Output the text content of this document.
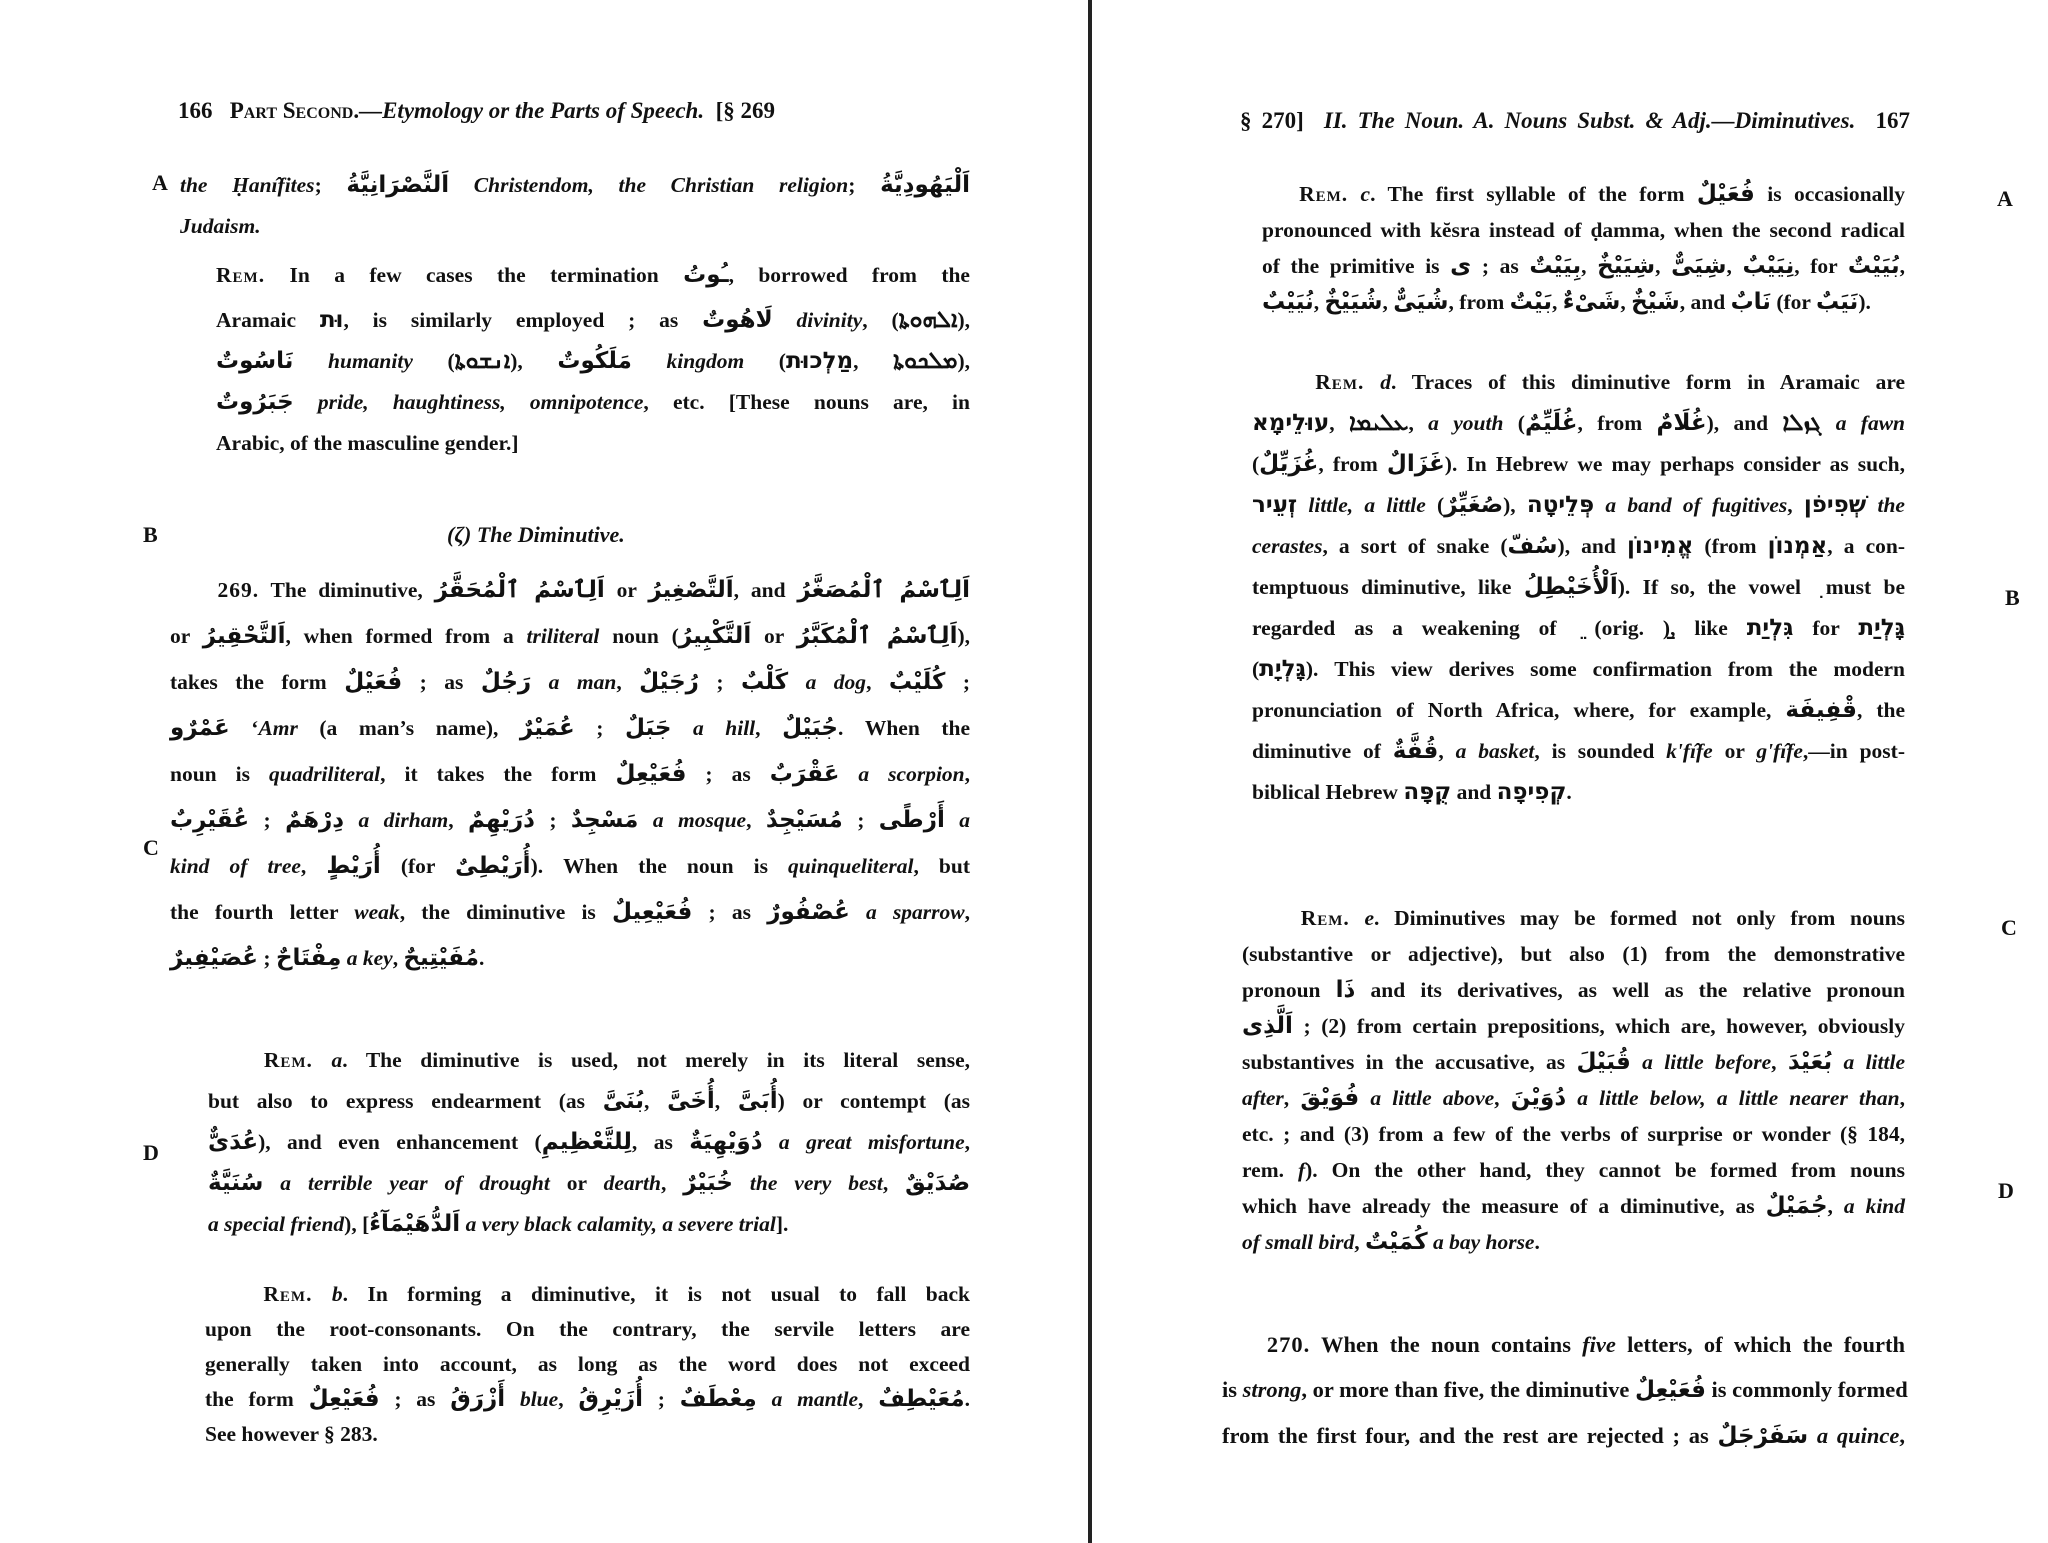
166 Part Second.—Etymology or the Parts of Speech. [§ 269
A the Ḥanı̂fites; اَلنَّصْرَانِيَّةُ Christendom, the Christian religion; اَلْيَهُودِيَّةُ
Judaism.
Rem. In a few cases the termination ـُوتُ, borrowed from the
Aramaic וּת, is similarly employed ; as لَاهُوتٌ divinity, (ܐܠܗܘܬܐ),
نَاسُوتٌ humanity (ܐܢܫܘܬܐ), مَلَكُوتٌ kingdom (מַלְכוּת, ܡܠܟܘܬܐ),
جَبَرُوتٌ pride, haughtiness, omnipotence, etc. [These nouns are, in
Arabic, of the masculine gender.]
B	(ζ) The Diminutive.
269. The diminutive, اَلِٱسْمُ ٱلْمُحَقَّرُ or اَلتَّصْغِيرُ, and اَلِٱسْمُ ٱلْمُصَغَّرُ
or اَلتَّحْقِيرُ, when formed from a triliteral noun (اَلتَّكْبِيرُ or اَلِٱسْمُ ٱلْمُكَبَّرُ),
takes the form فُعَيْلٌ ; as رَجُلٌ a man, رُجَيْلٌ ; كَلْبٌ a dog, كُلَيْبٌ ;
عَمْرٌو ‘Amr (a man’s name), عُمَيْرٌ ; جَبَلٌ a hill, جُبَيْلٌ. When the
noun is quadriliteral, it takes the form فُعَيْعِلٌ ; as عَقْرَبٌ a scorpion,
عُقَيْرِبٌ ; دِرْهَمٌ a dirham, دُرَيْهِمٌ ; مَسْجِدٌ a mosque, مُسَيْجِدٌ ; أَرْطًى a
kind of tree, أُرَيْطٍ (for أُرَيْطِىٌ). When the noun is quinqueliteral, but
the fourth letter weak, the diminutive is فُعَيْعِيلٌ ; as عُصْفُورٌ a sparrow,
عُصَيْفِيرٌ ; مِفْتَاحٌ a key, مُفَيْتِيحٌ.
C
Rem. a. The diminutive is used, not merely in its literal sense,
but also to express endearment (as بُنَىَّ, أُخَىَّ, أُبَىَّ) or contempt (as
عُدَىٌّ), and even enhancement (لِلتَّعْظِيمِ, as دُوَيْهِيَةٌ a great misfortune,
سُنَيَّةٌ a terrible year of drought or dearth, خُبَيْرٌ the very best, صُدَيْقٌ
a special friend), [اَلدُّهَيْمَآءُ a very black calamity, a severe trial].
D
Rem. b. In forming a diminutive, it is not usual to fall back
upon the root-consonants. On the contrary, the servile letters are
generally taken into account, as long as the word does not exceed
the form فُعَيْعِلٌ ; as أَزْرَقُ blue, أُزَيْرِقُ ; مِعْطَفٌ a mantle, مُعَيْطِفٌ.
See however § 283.
§ 270] II. The Noun. A. Nouns Subst. & Adj.—Diminutives. 167
Rem. c. The first syllable of the form فُعَيْلٌ is occasionally
pronounced with kĕsra instead of ḍamma, when the second radical
of the primitive is ى ; as بِيَيْتٌ, شِيَيْخٌ, شِيَىٌّ, نِيَيْبٌ, for بُيَيْتٌ,
نُيَيْبٌ, شُيَيْخٌ, شُيَىٌّ, from بَيْتٌ, شَىْءٌ, شَيْخٌ, and نَابٌ (for نَيَبٌ).
A
Rem. d. Traces of this diminutive form in Aramaic are
עוּלֵימָא, ܥܠܝܡܐ, a youth (غُلَيِّمٌ, from غُلَامٌ), and ܓܙܠܐ a fawn
(غُزَيِّلٌ, from غَزَالٌ). In Hebrew we may perhaps consider as such,
זְעֵיר little, a little (صُغَيِّرٌ), פְּלֵיטָה a band of fugitives, שְׁפִיפֹן the
cerastes, a sort of snake (سُفّ), and אֱמִינוֹן (from אַמְנוֹן, a con-
temptuous diminutive, like اَلْأُخَيْطِلُ). If so, the vowel must be
regarded as a weakening of (orig. ), like גִּלְיַת for גָּלְיַת
(גָּלְיָת). This view derives some confirmation from the modern
pronunciation of North Africa, where, for example, قْفِيفَة, the
diminutive of قُفَّةٌ, a basket, is sounded k'fı̂fe or g'fı̂fe,—in post-
biblical Hebrew קֻפָּה and קְפִיפָה.
B
Rem. e. Diminutives may be formed not only from nouns
(substantive or adjective), but also (1) from the demonstrative
pronoun ذَا and its derivatives, as well as the relative pronoun
اَلَّذِى ; (2) from certain prepositions, which are, however, obviously
substantives in the accusative, as قُبَيْلَ a little before, بُعَيْدَ a little
after, فُوَيْقَ a little above, دُوَيْنَ a little below, a little nearer than,
etc. ; and (3) from a few of the verbs of surprise or wonder (§ 184,
rem. f). On the other hand, they cannot be formed from nouns
which have already the measure of a diminutive, as جُمَيْلٌ, a kind
of small bird, كُمَيْتٌ a bay horse.
C
D
270. When the noun contains five letters, of which the fourth
is strong, or more than five, the diminutive فُعَيْعِلٌ is commonly formed
from the first four, and the rest are rejected ; as سَفَرْجَلٌ a quince,
